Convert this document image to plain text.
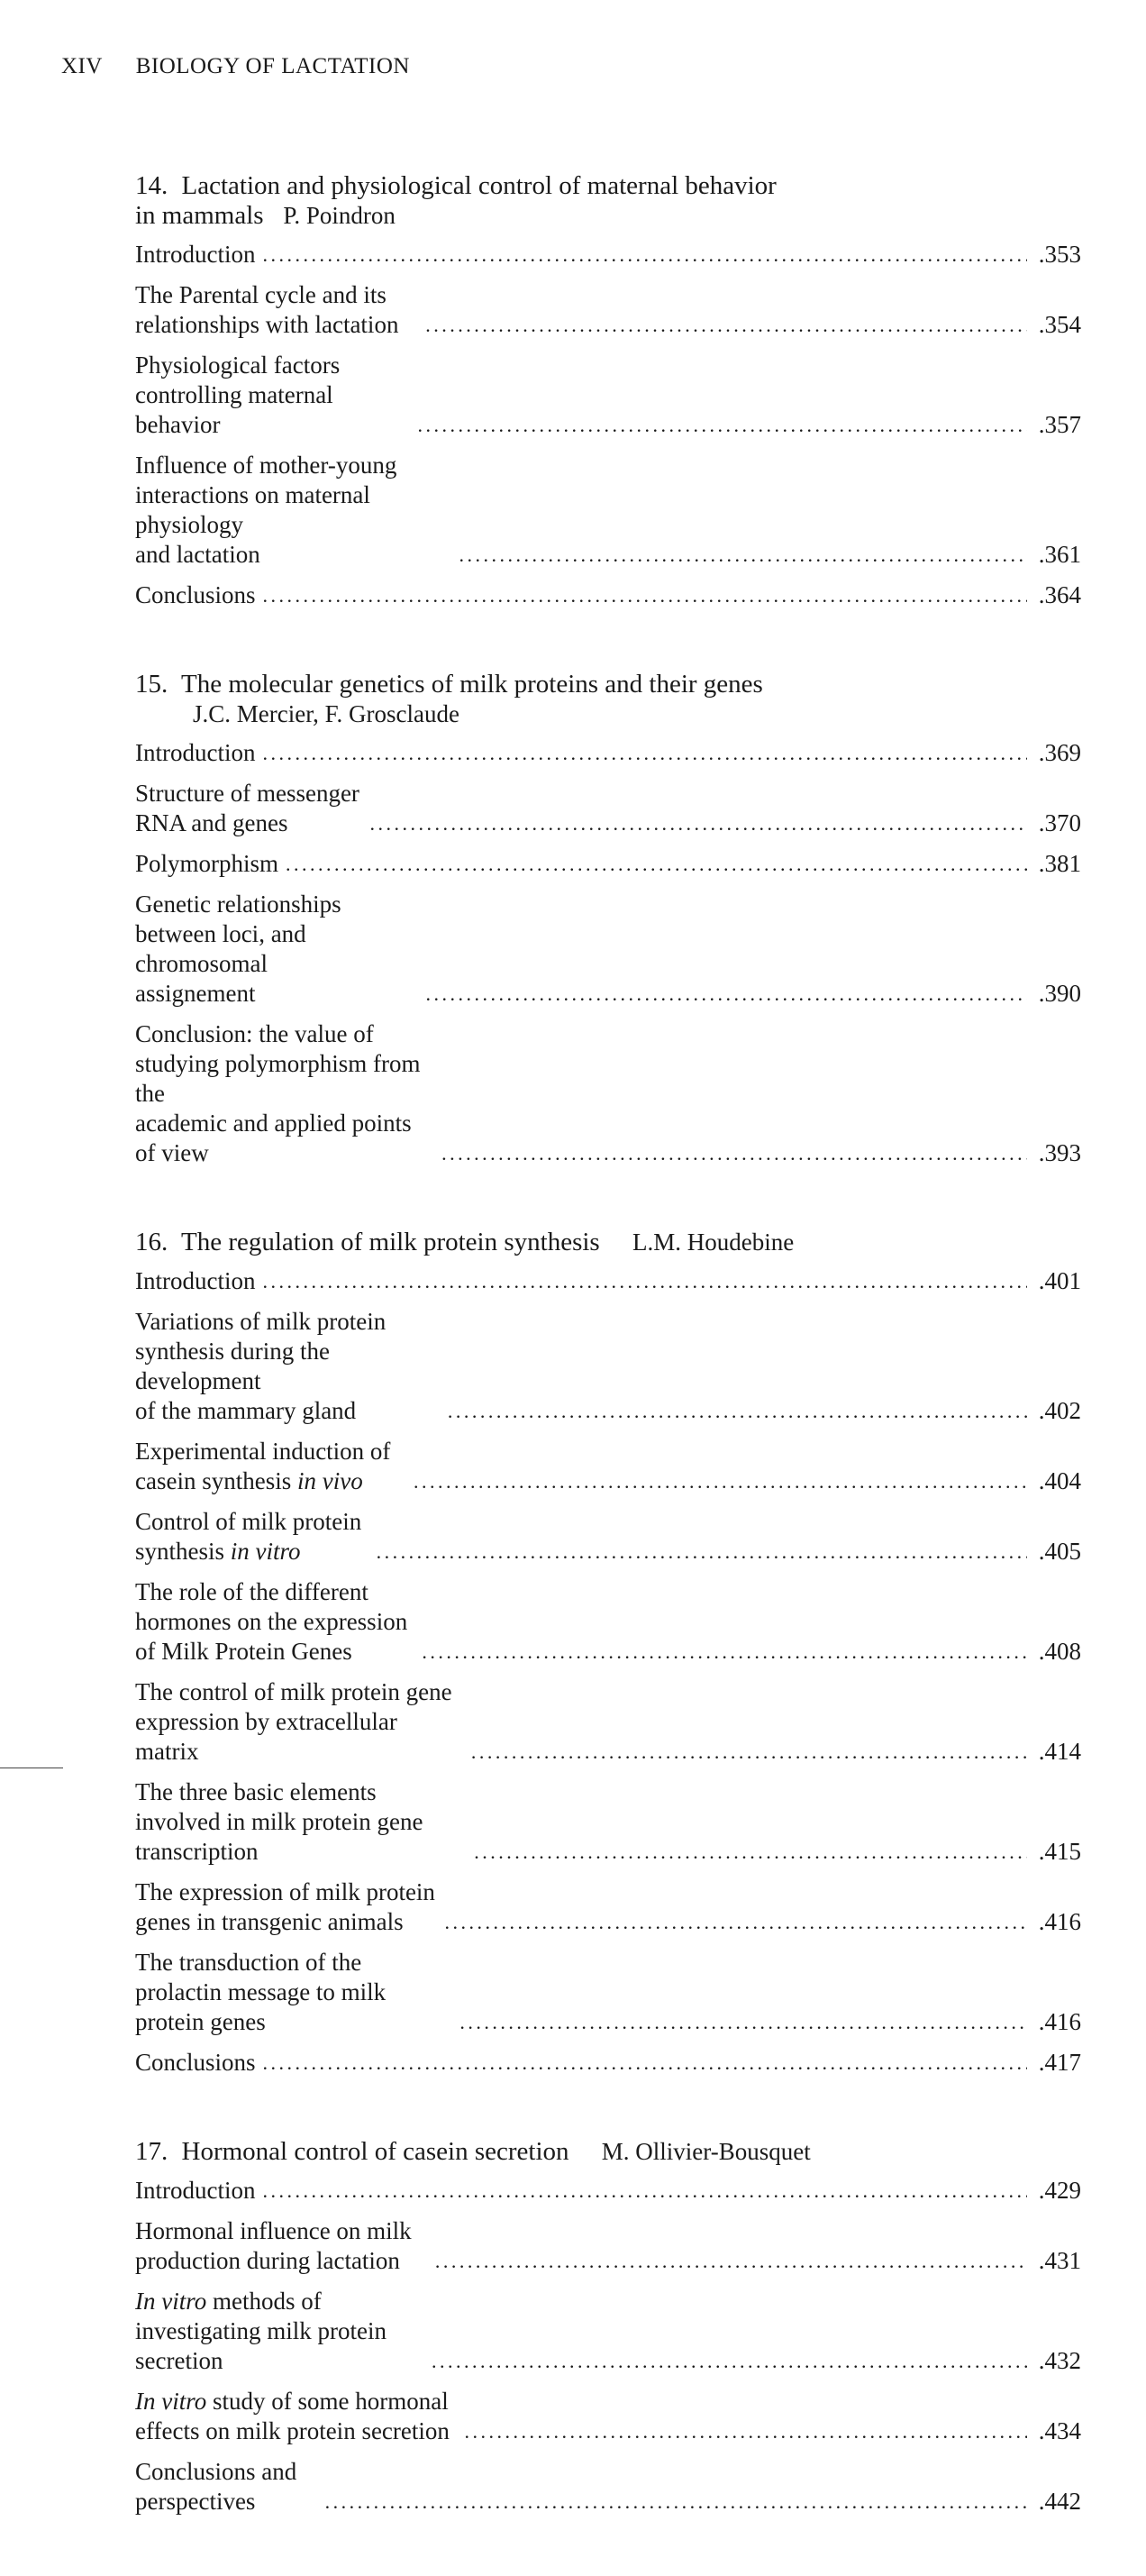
XIV BIOLOGY OF LACTATION
14. Lactation and physiological control of maternal behavior
in mammals P. Poindron
Introduction . . .	.353
The Parental cycle and its relationships with lactation . . .	.354
Physiological factors controlling maternal behavior . . .	.357
Influence of mother-young interactions on maternal physiology
and lactation . . .	.361
Conclusions . . .	.364
15. The molecular genetics of milk proteins and their genes
J.C. Mercier, F. Grosclaude
Introduction . . .	.369
Structure of messenger RNA and genes . . .	.370
Polymorphism . . .	.381
Genetic relationships between loci, and chromosomal
assignement . . .	.390
Conclusion: the value of studying polymorphism from the
academic and applied points of view . . .	.393
16. The regulation of milk protein synthesis L.M. Houdebine
Introduction . . .	.401
Variations of milk protein synthesis during the development
of the mammary gland . . .	.402
Experimental induction of casein synthesis in vivo . . .	.404
Control of milk protein synthesis in vitro . . .	.405
The role of the different hormones on the expression
of Milk Protein Genes . . .	.408
The control of milk protein gene expression by extracellular matrix . . .	.414
The three basic elements involved in milk protein gene transcription . . .	.415
The expression of milk protein genes in transgenic animals . . .	.416
The transduction of the prolactin message to milk protein genes . . .	.416
Conclusions . . .	.417
17. Hormonal control of casein secretion M. Ollivier-Bousquet
Introduction . . .	.429
Hormonal influence on milk production during lactation . . .	.431
In vitro methods of investigating milk protein secretion . . .	.432
In vitro study of some hormonal effects on milk protein secretion . . .	.434
Conclusions and perspectives . . .	.442
